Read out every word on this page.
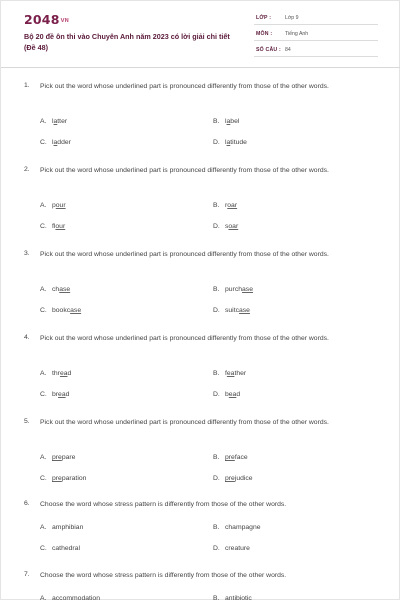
2048VN
Bộ 20 đề ôn thi vào Chuyên Anh năm 2023 có lời giải chi tiết (Đề 48)
LỚP :	Lớp 9
MÔN : Tiếng Anh
SỐ CÂU : 84
1. Pick out the word whose underlined part is pronounced differently from those of the other words.
A. latter	B. label
C. ladder	D. latitude
2. Pick out the word whose underlined part is pronounced differently from those of the other words.
A. pour	B. roar
C. flour	D. soar
3. Pick out the word whose underlined part is pronounced differently from those of the other words.
A. chase	B. purchase
C. bookcase	D. suitcase
4. Pick out the word whose underlined part is pronounced differently from those of the other words.
A. thread	B. feather
C. bread	D. bead
5. Pick out the word whose underlined part is pronounced differently from those of the other words.
A. prepare	B. preface
C. preparation	D. prejudice
6. Choose the word whose stress pattern is differently from those of the other words.
A. amphibian	B. champagne
C. cathedral	D. creature
7. Choose the word whose stress pattern is differently from those of the other words.
A. accommodation	B. antibiotic
